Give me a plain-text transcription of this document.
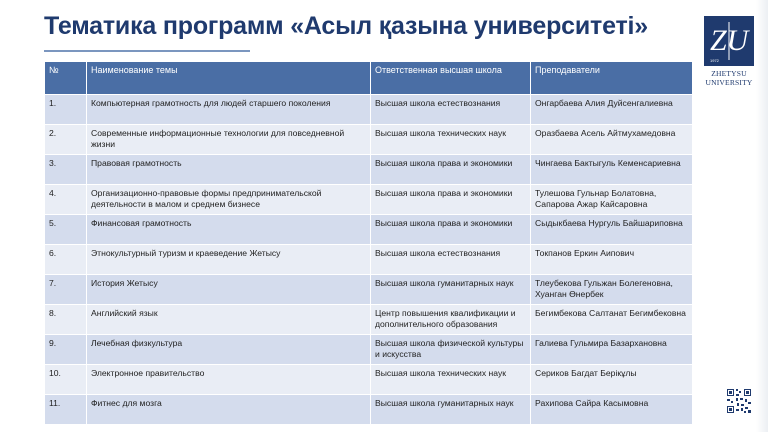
Тематика программ «Асыл қазына университеті»	ZU
1972
ZHETYSU
UNIVERSITY
№	Наименование темы	Ответственная высшая школа	Преподаватели
1.	Компьютерная грамотность для людей старшего поколения	Высшая школа естествознания	Онгарбаева Алия Дуйсенгалиевна
2.	Современные информационные технологии для повседневной жизни	Высшая школа технических наук	Оразбаева Асель Айтмухамедовна
3.	Правовая грамотность	Высшая школа права и экономики	Чингаева Бактыгуль Кеменсариевна
4.	Организационно-правовые формы предпринимательской деятельности в малом и среднем бизнесе	Высшая школа права и экономики	Тулешова Гульнар Болатовна, Сапарова Ажар Кайсаровна
5.	Финансовая грамотность	Высшая школа права и экономики	Сыдыкбаева Нургуль Байшариповна
6.	Этнокультурный туризм и краеведение Жетысу	Высшая школа естествознания	Токпанов Еркин Аипович
7.	История Жетысу	Высшая школа гуманитарных наук	Тлеубекова Гульжан Болегеновна, Хуанган Өнербек
8.	Английский язык	Центр повышения квалификации и дополнительного образования	Бегимбекова Салтанат Бегимбековна
9.	Лечебная физкультура	Высшая школа физической культуры и искусства	Галиева Гульмира Базархановна
10.	Электронное правительство	Высшая школа технических наук	Сериков Багдат Берікұлы
11.	Фитнес для мозга	Высшая школа гуманитарных наук	Рахипова Сайра Касымовна
